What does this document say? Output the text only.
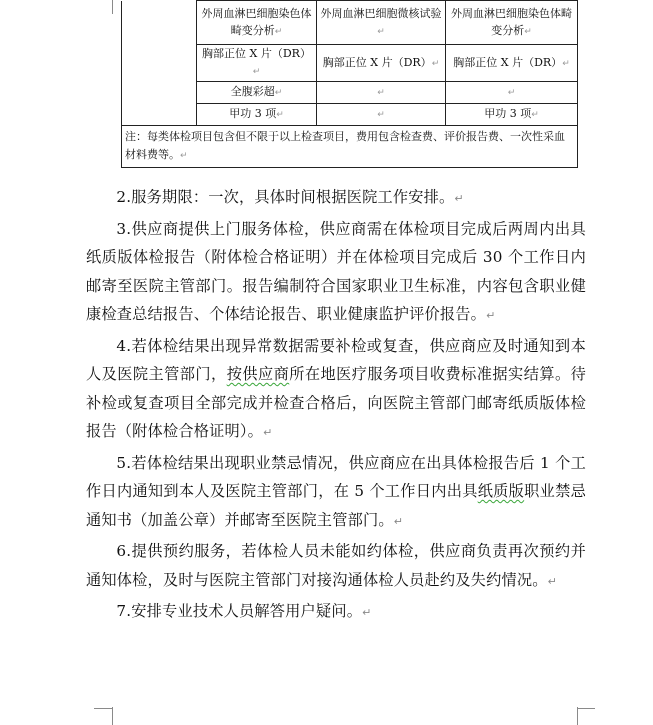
	外周血淋巴细胞染色体畸变分析↵	外周血淋巴细胞微核试验↵	外周血淋巴细胞染色体畸变分析↵
	胸部正位 X 片（DR）↵	胸部正位 X 片（DR）↵	胸部正位 X 片（DR）↵
	全腹彩超↵	↵	↵
	甲功 3 项↵	↵	甲功 3 项↵
注：每类体检项目包含但不限于以上检查项目，费用包含检查费、评价报告费、一次性采血材料费等。↵			

2.服务期限：一次，具体时间根据医院工作安排。↵

3.供应商提供上门服务体检，供应商需在体检项目完成后两周内出具纸质版体检报告（附体检合格证明）并在体检项目完成后 30 个工作日内邮寄至医院主管部门。报告编制符合国家职业卫生标准，内容包含职业健康检查总结报告、个体结论报告、职业健康监护评价报告。↵

4.若体检结果出现异常数据需要补检或复查，供应商应及时通知到本人及医院主管部门，按供应商所在地医疗服务项目收费标准据实结算。待补检或复查项目全部完成并检查合格后，向医院主管部门邮寄纸质版体检报告（附体检合格证明）。↵

5.若体检结果出现职业禁忌情况，供应商应在出具体检报告后 1 个工作日内通知到本人及医院主管部门，在 5 个工作日内出具纸质版职业禁忌通知书（加盖公章）并邮寄至医院主管部门。↵

6.提供预约服务，若体检人员未能如约体检，供应商负责再次预约并通知体检，及时与医院主管部门对接沟通体检人员赴约及失约情况。↵

7.安排专业技术人员解答用户疑问。↵
